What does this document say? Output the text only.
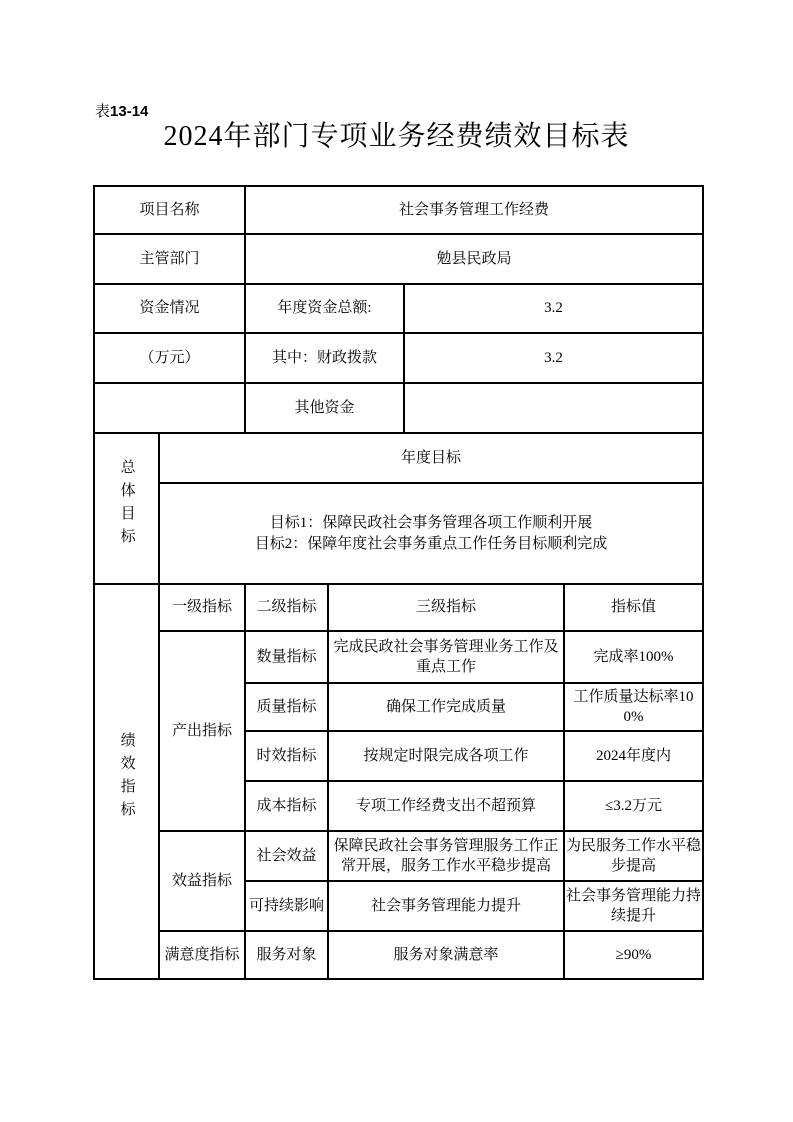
表13-14
2024年部门专项业务经费绩效目标表
项目名称		社会事务管理工作经费			
主管部门		勉县民政局			
资金情况		年度资金总额:		3.2	
（万元）		其中：财政拨款		3.2	
		其他资金			
总体目标	年度目标				

	目标1：保障民政社会事务管理各项工作顺利开展
目标2：保障年度社会事务重点工作任务目标顺利完成				

绩效指标	一级指标	二级指标	三级指标		指标值
	产出指标	数量指标	完成民政社会事务管理业务工作及重点工作		完成率100%
		质量指标	确保工作完成质量		工作质量达标率100%
		时效指标	按规定时限完成各项工作		2024年度内
		成本指标	专项工作经费支出不超预算		≤3.2万元
	效益指标	社会效益	保障民政社会事务管理服务工作正常开展，服务工作水平稳步提高		为民服务工作水平稳步提高
		可持续影响	社会事务管理能力提升		社会事务管理能力持续提升
	满意度指标	服务对象	服务对象满意率		≥90%
